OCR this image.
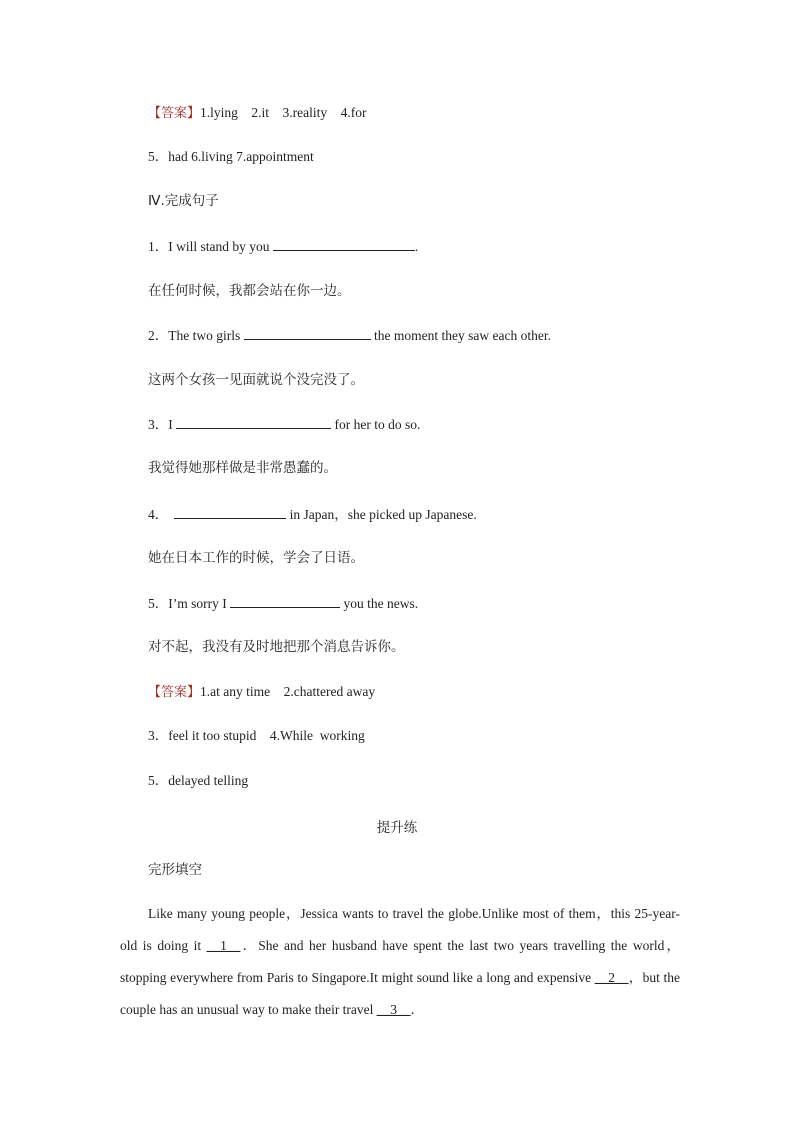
【答案】1.lying    2.it    3.reality    4.for
5．had 6.living 7.appointment
Ⅳ.完成句子
1．I will stand by you	.
在任何时候，我都会站在你一边。
2．The two girls	the moment they saw each other.
这两个女孩一见面就说个没完没了。
3．I	for her to do so.
我觉得她那样做是非常愚蠢的。
4．	in Japan，she picked up Japanese.
她在日本工作的时候，学会了日语。
5．I’m sorry I	you the news.
对不起，我没有及时地把那个消息告诉你。
【答案】1.at any time    2.chattered away
3．feel it too stupid    4.While  working
5．delayed telling
提升练
完形填空
Like many young people，Jessica wants to travel the globe.Unlike most of them，this 25-year-old is doing it __1__．She and her husband have spent the last two years travelling the world，stopping everywhere from Paris to Singapore.It might sound like a long and expensive __2__，but the couple has an unusual way to make their travel __3__．
